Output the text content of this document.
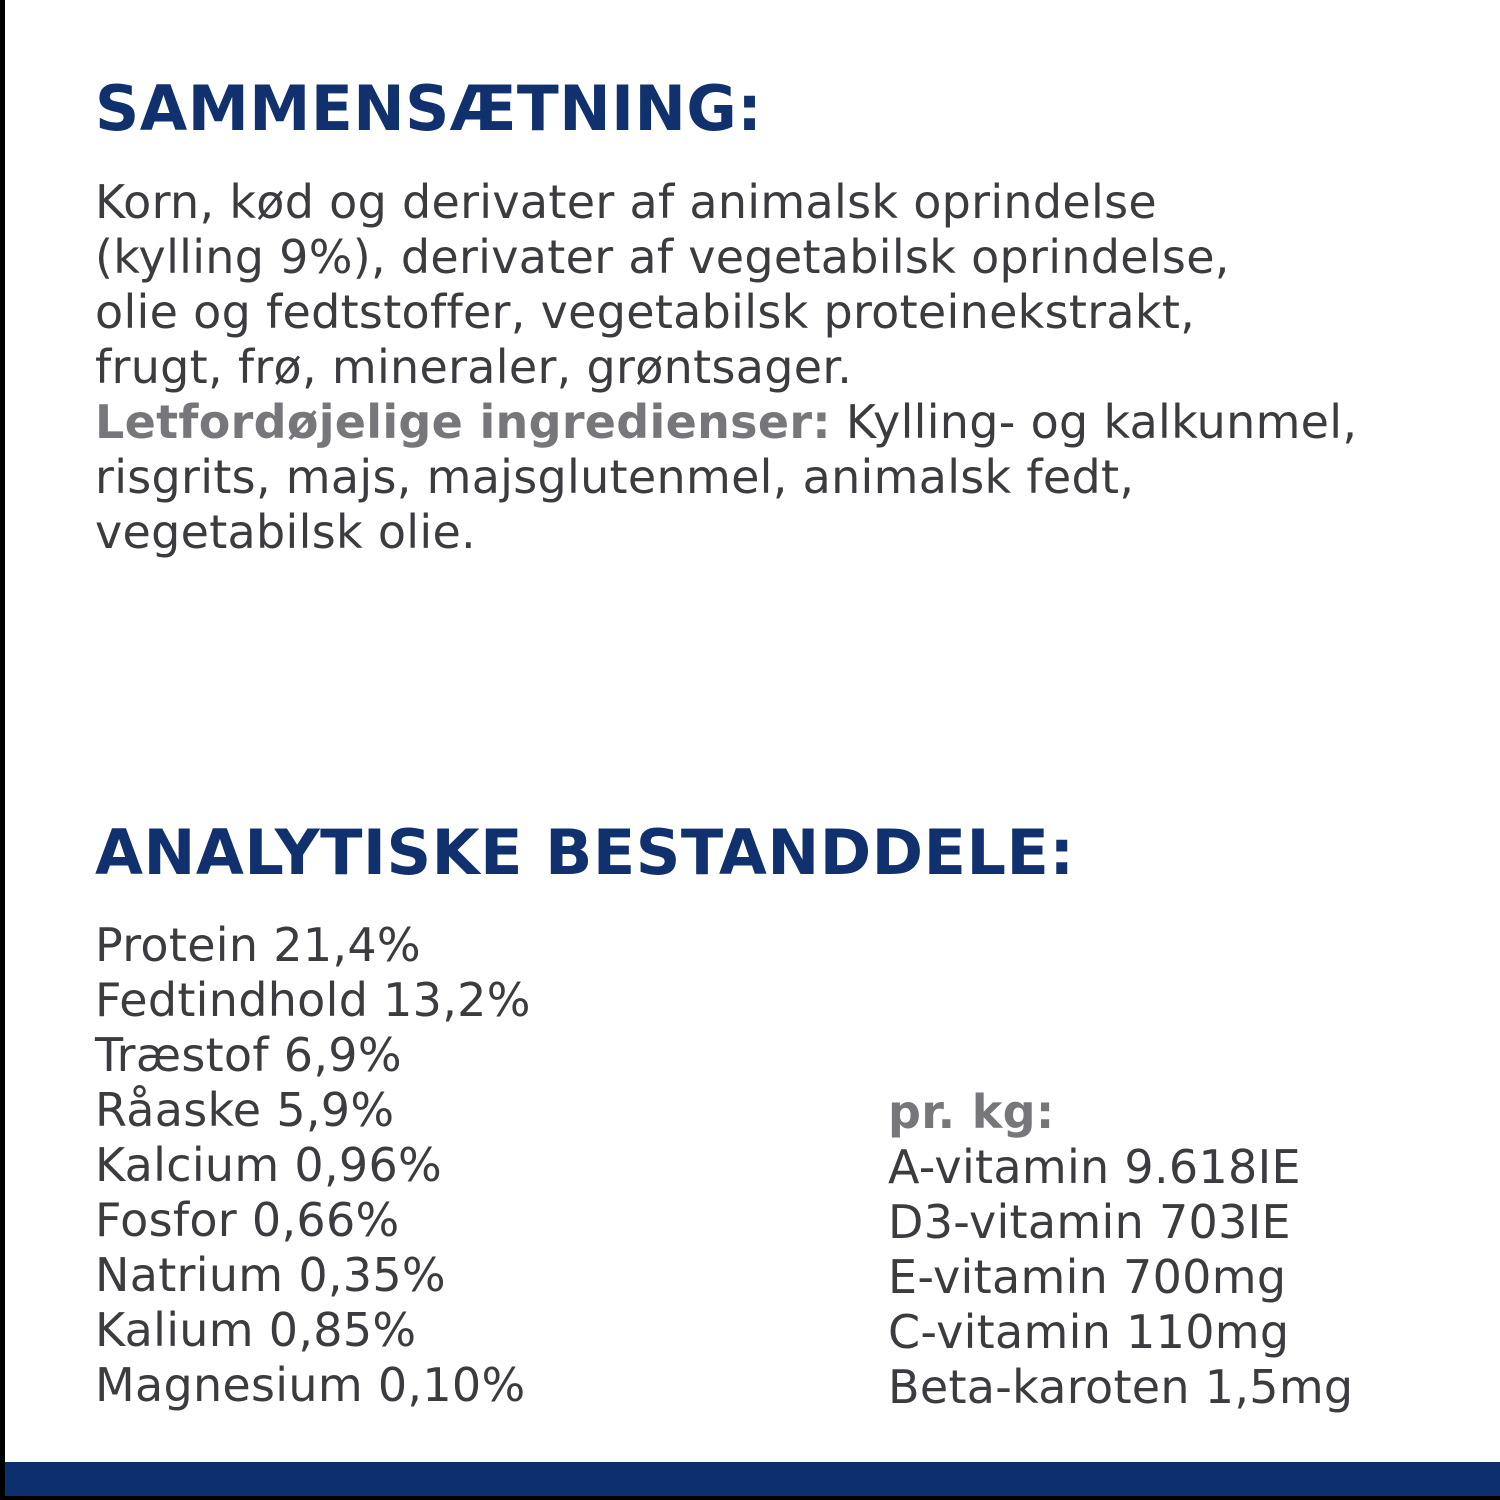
SAMMENSÆTNING:
Korn, kød og derivater af animalsk oprindelse
(kylling 9%), derivater af vegetabilsk oprindelse,
olie og fedtstoffer, vegetabilsk proteinekstrakt,
frugt, frø, mineraler, grøntsager.
Letfordøjelige ingredienser: Kylling- og kalkunmel,
risgrits, majs, majsglutenmel, animalsk fedt,
vegetabilsk olie.
ANALYTISKE BESTANDDELE:
Protein 21,4%
Fedtindhold 13,2%
Træstof 6,9%
Råaske 5,9%
Kalcium 0,96%
Fosfor 0,66%
Natrium 0,35%
Kalium 0,85%
Magnesium 0,10%
pr. kg:
A-vitamin 9.618IE
D3-vitamin 703IE
E-vitamin 700mg
C-vitamin 110mg
Beta-karoten 1,5mg
